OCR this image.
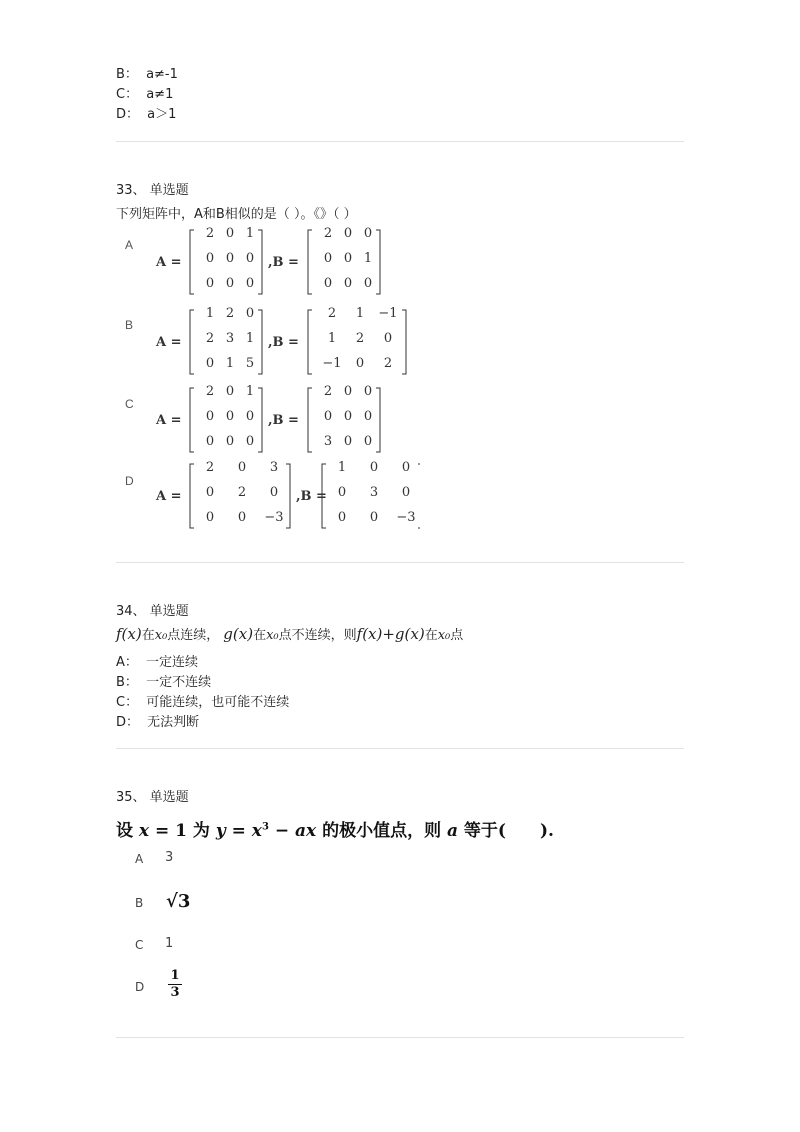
B： a≠-1
C： a≠1
D： a＞1
33、 单选题
下列矩阵中，A和B相似的是（ ）。《》（ ）
A
A =
2 0 1
0 0 0
0 0 0
,B =
2 0 0
0 0 1
0 0 0
B
A =
1 2 0
2 3 1
0 1 5
,B =
2 1 −1
1 2 0
−1 0 2
C
A =
2 0 1
0 0 0
0 0 0
,B =
2 0 0
0 0 0
3 0 0
D
A =
2 0 3
0 2 0
0 0 −3
,B =
1 0 0
0 3 0
0 0 −3
34、 单选题
f(x)在x₀点连续， g(x)在x₀点不连续，则f(x)+g(x)在x₀点
A： 一定连续
B： 一定不连续
C： 可能连续，也可能不连续
D： 无法判断
35、 单选题
设 x = 1 为 $y = x^3$ − ax 的极小值点，则 a 等于(　　).
A 3
B √3
C 1
D
1
3
